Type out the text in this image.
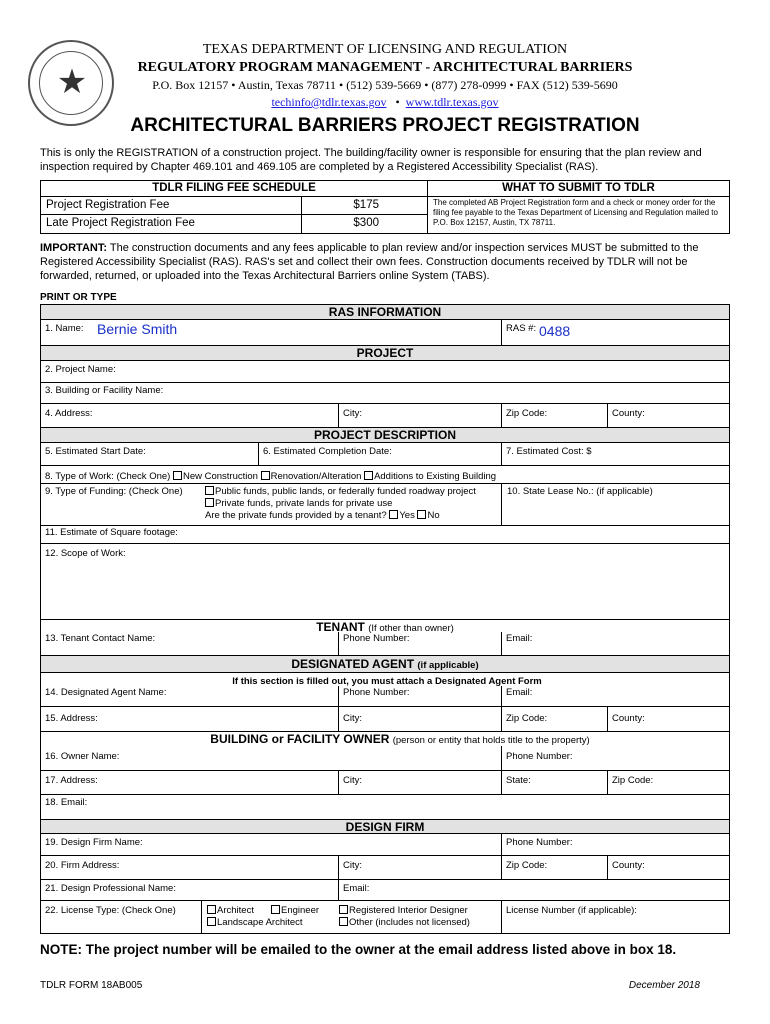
★
TEXAS DEPARTMENT OF LICENSING AND REGULATION
REGULATORY PROGRAM MANAGEMENT - ARCHITECTURAL BARRIERS
P.O. Box 12157 • Austin, Texas 78711 • (512) 539-5669 • (877) 278-0999 • FAX (512) 539-5690
techinfo@tdlr.texas.gov • www.tdlr.texas.gov
ARCHITECTURAL BARRIERS PROJECT REGISTRATION
This is only the REGISTRATION of a construction project. The building/facility owner is responsible for ensuring that the plan review and inspection required by Chapter 469.101 and 469.105 are completed by a Registered Accessibility Specialist (RAS).
TDLR FILING FEE SCHEDULE	WHAT TO SUBMIT TO TDLR
Project Registration Fee	$175
Late Project Registration Fee	$300
The completed AB Project Registration form and a check or money order for the filing fee payable to the Texas Department of Licensing and Regulation mailed to P.O. Box 12157, Austin, TX 78711.
IMPORTANT: The construction documents and any fees applicable to plan review and/or inspection services MUST be submitted to the Registered Accessibility Specialist (RAS). RAS's set and collect their own fees. Construction documents received by TDLR will not be forwarded, returned, or uploaded into the Texas Architectural Barriers online System (TABS).
PRINT OR TYPE
RAS INFORMATION
1. Name: Bernie Smith	RAS #: 0488
PROJECT
2. Project Name:
3. Building or Facility Name:
4. Address:	City:	Zip Code:	County:
PROJECT DESCRIPTION
5. Estimated Start Date:	6. Estimated Completion Date:	7. Estimated Cost: $
8. Type of Work: (Check One) New Construction Renovation/Alteration Additions to Existing Building
9. Type of Funding: (Check One)	Public funds, public lands, or federally funded roadway project
Private funds, private lands for private use
Are the private funds provided by a tenant? Yes No
10. State Lease No.: (if applicable)
11. Estimate of Square footage:
12. Scope of Work:
TENANT (If other than owner)
13. Tenant Contact Name:	Phone Number:	Email:
DESIGNATED AGENT (if applicable)
If this section is filled out, you must attach a Designated Agent Form
14. Designated Agent Name:	Phone Number:	Email:
15. Address:	City:	Zip Code:	County:
BUILDING or FACILITY OWNER (person or entity that holds title to the property)
16. Owner Name:	Phone Number:
17. Address:	City:	State:	Zip Code:
18. Email:
DESIGN FIRM
19. Design Firm Name:	Phone Number:
20. Firm Address:	City:	Zip Code:	County:
21. Design Professional Name:	Email:
22. License Type: (Check One)	Architect	Engineer	Registered Interior Designer
Landscape Architect	Other (includes not licensed)
License Number (if applicable):
NOTE: The project number will be emailed to the owner at the email address listed above in box 18.
TDLR FORM 18AB005	December 2018
